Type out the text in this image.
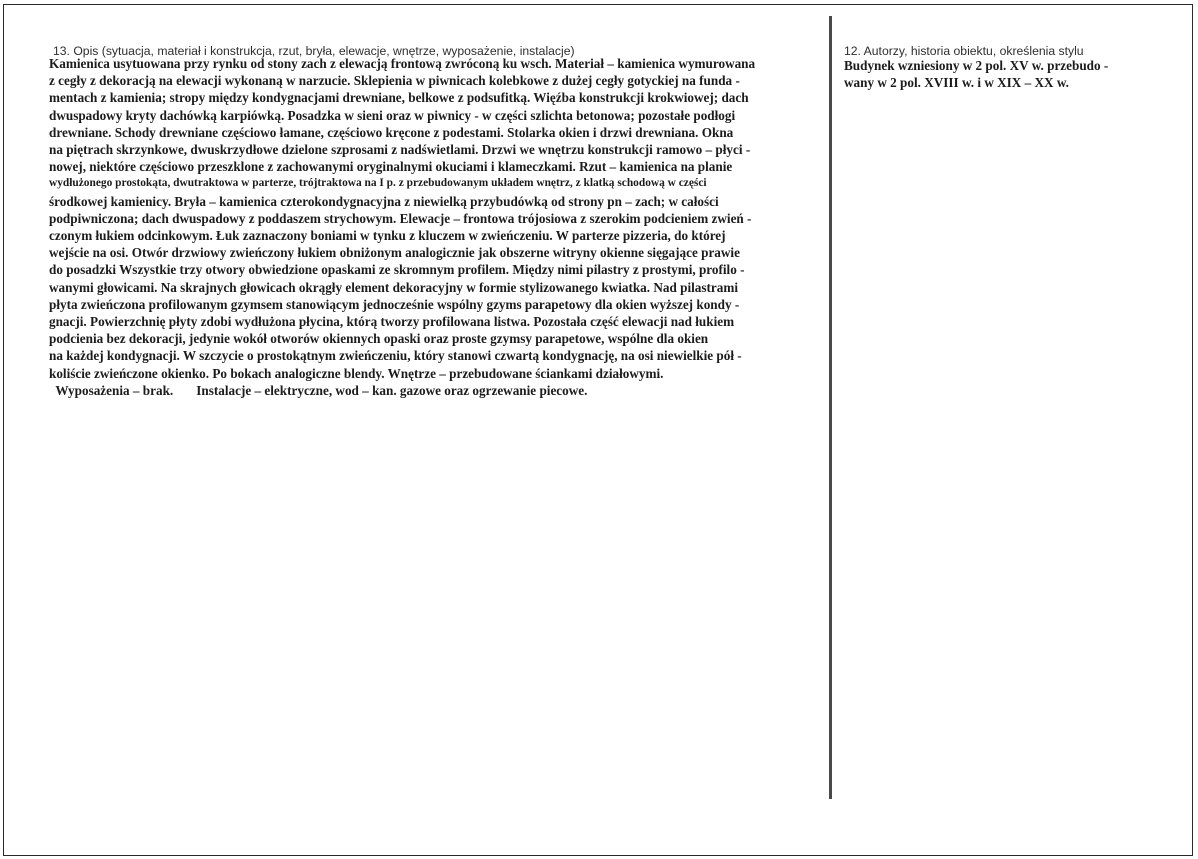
13. Opis (sytuacja, materiał i konstrukcja, rzut, bryła, elewacje, wnętrze, wyposażenie, instalacje)
Kamienica usytuowana przy rynku od stony zach z elewacją frontową zwróconą ku wsch. Materiał – kamienica wymurowana
z cegły z dekoracją na elewacji wykonaną w narzucie. Sklepienia w piwnicach kolebkowe z dużej cegły gotyckiej na funda -
mentach z kamienia; stropy między kondygnacjami drewniane, belkowe z podsufitką. Więźba konstrukcji krokwiowej; dach
dwuspadowy kryty dachówką karpiówką. Posadzka w sieni oraz w piwnicy - w części szlichta betonowa; pozostałe podłogi
drewniane. Schody drewniane częściowo łamane, częściowo kręcone z podestami. Stolarka okien i drzwi drewniana. Okna
na piętrach skrzynkowe, dwuskrzydłowe dzielone szprosami z nadświetlami. Drzwi we wnętrzu konstrukcji ramowo – płyci -
nowej, niektóre częściowo przeszklone z zachowanymi oryginalnymi okuciami i klameczkami. Rzut – kamienica na planie
wydłużonego prostokąta, dwutraktowa w parterze, trójtraktowa na I p. z przebudowanym układem wnętrz, z klatką schodową w części
środkowej kamienicy. Bryła – kamienica czterokondygnacyjna z niewielką przybudówką od strony pn – zach; w całości
podpiwniczona; dach dwuspadowy z poddaszem strychowym. Elewacje – frontowa trójosiowa z szerokim podcieniem zwień -
czonym łukiem odcinkowym. Łuk zaznaczony boniami w tynku z kluczem w zwieńczeniu. W parterze pizzeria, do której
wejście na osi. Otwór drzwiowy zwieńczony łukiem obniżonym analogicznie jak obszerne witryny okienne sięgające prawie
do posadzki Wszystkie trzy otwory obwiedzione opaskami ze skromnym profilem. Między nimi pilastry z prostymi, profilo -
wanymi głowicami. Na skrajnych głowicach okrągły element dekoracyjny w formie stylizowanego kwiatka. Nad pilastrami
płyta zwieńczona profilowanym gzymsem stanowiącym jednocześnie wspólny gzyms parapetowy dla okien wyższej kondy -
gnacji. Powierzchnię płyty zdobi wydłużona płycina, którą tworzy profilowana listwa. Pozostała część elewacji nad łukiem
podcienia bez dekoracji, jedynie wokół otworów okiennych opaski oraz proste gzymsy parapetowe, wspólne dla okien
na każdej kondygnacji. W szczycie o prostokątnym zwieńczeniu, który stanowi czwartą kondygnację, na osi niewielkie pół -
koliście zwieńczone okienko. Po bokach analogiczne blendy. Wnętrze – przebudowane ściankami działowymi.
Wyposażenia – brak.       Instalacje – elektryczne, wod – kan. gazowe oraz ogrzewanie piecowe.
12. Autorzy, historia obiektu, określenia stylu
Budynek wzniesiony w 2 pol. XV w. przebudo -
wany w 2 pol. XVIII w. i w XIX – XX w.
